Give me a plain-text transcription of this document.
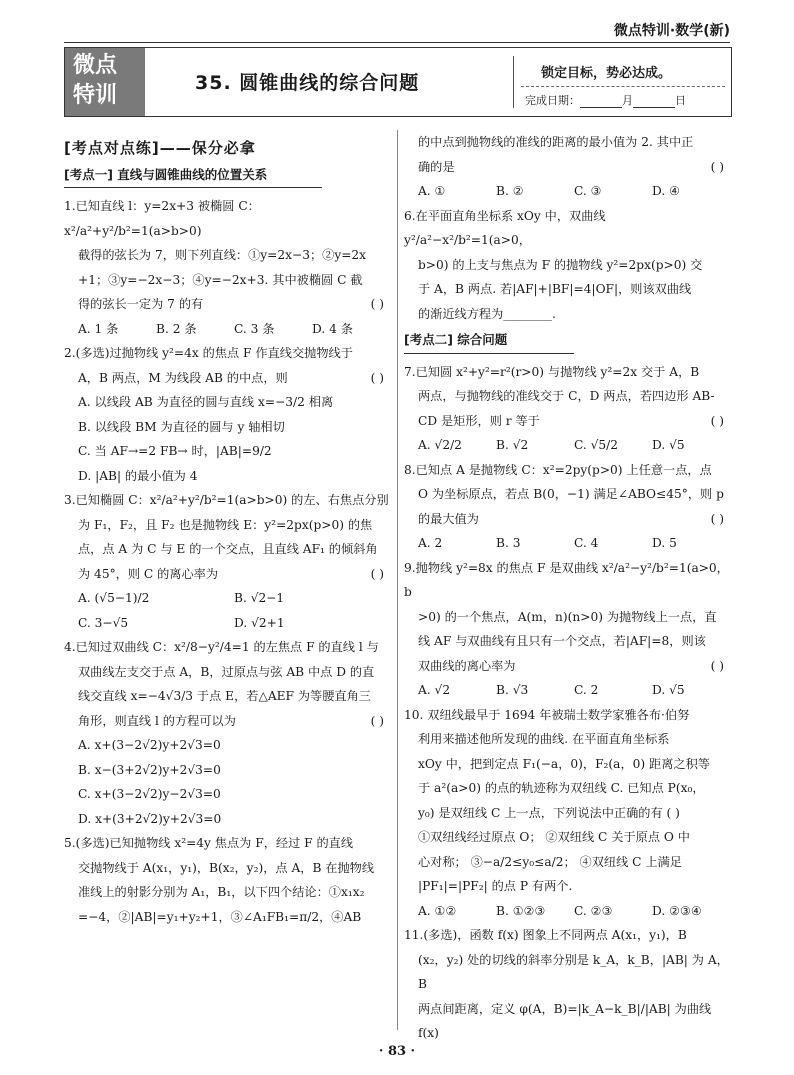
微点特训·数学(新)
微点
特训	35. 圆锥曲线的综合问题	锁定目标，势必达成。
完成日期：	月	日
[考点对点练]——保分必拿
[考点一] 直线与圆锥曲线的位置关系

1.已知直线 l：y=2x+3 被椭圆 C：x²/a²+y²/b²=1(a>b>0)

截得的弦长为 7，则下列直线：①y=2x−3；②y=2x

+1；③y=−2x−3；④y=−2x+3. 其中被椭圆 C 截

得的弦长一定为 7 的有	( )

A. 1 条	B. 2 条	C. 3 条	D. 4 条

2.(多选)过抛物线 y²=4x 的焦点 F 作直线交抛物线于

A，B 两点，M 为线段 AB 的中点，则	( )

A. 以线段 AB 为直径的圆与直线 x=−3/2 相离

B. 以线段 BM 为直径的圆与 y 轴相切

C. 当 AF→=2 FB→ 时，|AB|=9/2

D. |AB| 的最小值为 4

3.已知椭圆 C：x²/a²+y²/b²=1(a>b>0) 的左、右焦点分别

为 F₁，F₂，且 F₂ 也是抛物线 E：y²=2px(p>0) 的焦

点，点 A 为 C 与 E 的一个交点，且直线 AF₁ 的倾斜角

为 45°，则 C 的离心率为	( )

A. (√5−1)/2	B. √2−1
C. 3−√5	D. √2+1

4.已知过双曲线 C：x²/8−y²/4=1 的左焦点 F 的直线 l 与

双曲线左支交于点 A，B，过原点与弦 AB 中点 D 的直

线交直线 x=−4√3/3 于点 E，若△AEF 为等腰直角三

角形，则直线 l 的方程可以为	( )

A. x+(3−2√2)y+2√3=0

B. x−(3+2√2)y+2√3=0

C. x+(3−2√2)y−2√3=0

D. x+(3+2√2)y+2√3=0

5.(多选)已知抛物线 x²=4y 焦点为 F，经过 F 的直线

交抛物线于 A(x₁，y₁)，B(x₂，y₂)，点 A，B 在抛物线

准线上的射影分别为 A₁，B₁，以下四个结论：①x₁x₂

=−4，②|AB|=y₁+y₂+1，③∠A₁FB₁=π/2，④AB

的中点到抛物线的准线的距离的最小值为 2. 其中正

确的是	( )

A. ①	B. ②	C. ③	D. ④

6.在平面直角坐标系 xOy 中，双曲线 y²/a²−x²/b²=1(a>0，

b>0) 的上支与焦点为 F 的抛物线 y²=2px(p>0) 交

于 A，B 两点. 若|AF|+|BF|=4|OF|，则该双曲线

的渐近线方程为________.

[考点二] 综合问题

7.已知圆 x²+y²=r²(r>0) 与抛物线 y²=2x 交于 A，B

两点，与抛物线的准线交于 C，D 两点，若四边形 AB-

CD 是矩形，则 r 等于	( )

A. √2/2	B. √2	C. √5/2	D. √5

8.已知点 A 是抛物线 C：x²=2py(p>0) 上任意一点，点

O 为坐标原点，若点 B(0，−1) 满足∠ABO≤45°，则 p

的最大值为	( )

A. 2	B. 3	C. 4	D. 5

9.抛物线 y²=8x 的焦点 F 是双曲线 x²/a²−y²/b²=1(a>0，b

>0) 的一个焦点，A(m，n)(n>0) 为抛物线上一点，直

线 AF 与双曲线有且只有一个交点，若|AF|=8，则该

双曲线的离心率为	( )

A. √2	B. √3	C. 2	D. √5

10. 双纽线最早于 1694 年被瑞士数学家雅各布·伯努

利用来描述他所发现的曲线. 在平面直角坐标系

xOy 中，把到定点 F₁(−a，0)，F₂(a，0) 距离之积等

于 a²(a>0) 的点的轨迹称为双纽线 C. 已知点 P(x₀，

y₀) 是双纽线 C 上一点，下列说法中正确的有 ( )

①双纽线经过原点 O； ②双纽线 C 关于原点 O 中

心对称； ③−a/2≤y₀≤a/2； ④双纽线 C 上满足

|PF₁|=|PF₂| 的点 P 有两个.

A. ①②	B. ①②③	C. ②③	D. ②③④

11.(多选)，函数 f(x) 图象上不同两点 A(x₁，y₁)，B

(x₂，y₂) 处的切线的斜率分别是 k_A，k_B，|AB| 为 A，B

两点间距离，定义 φ(A，B)=|k_A−k_B|/|AB| 为曲线 f(x)

· 83 ·
